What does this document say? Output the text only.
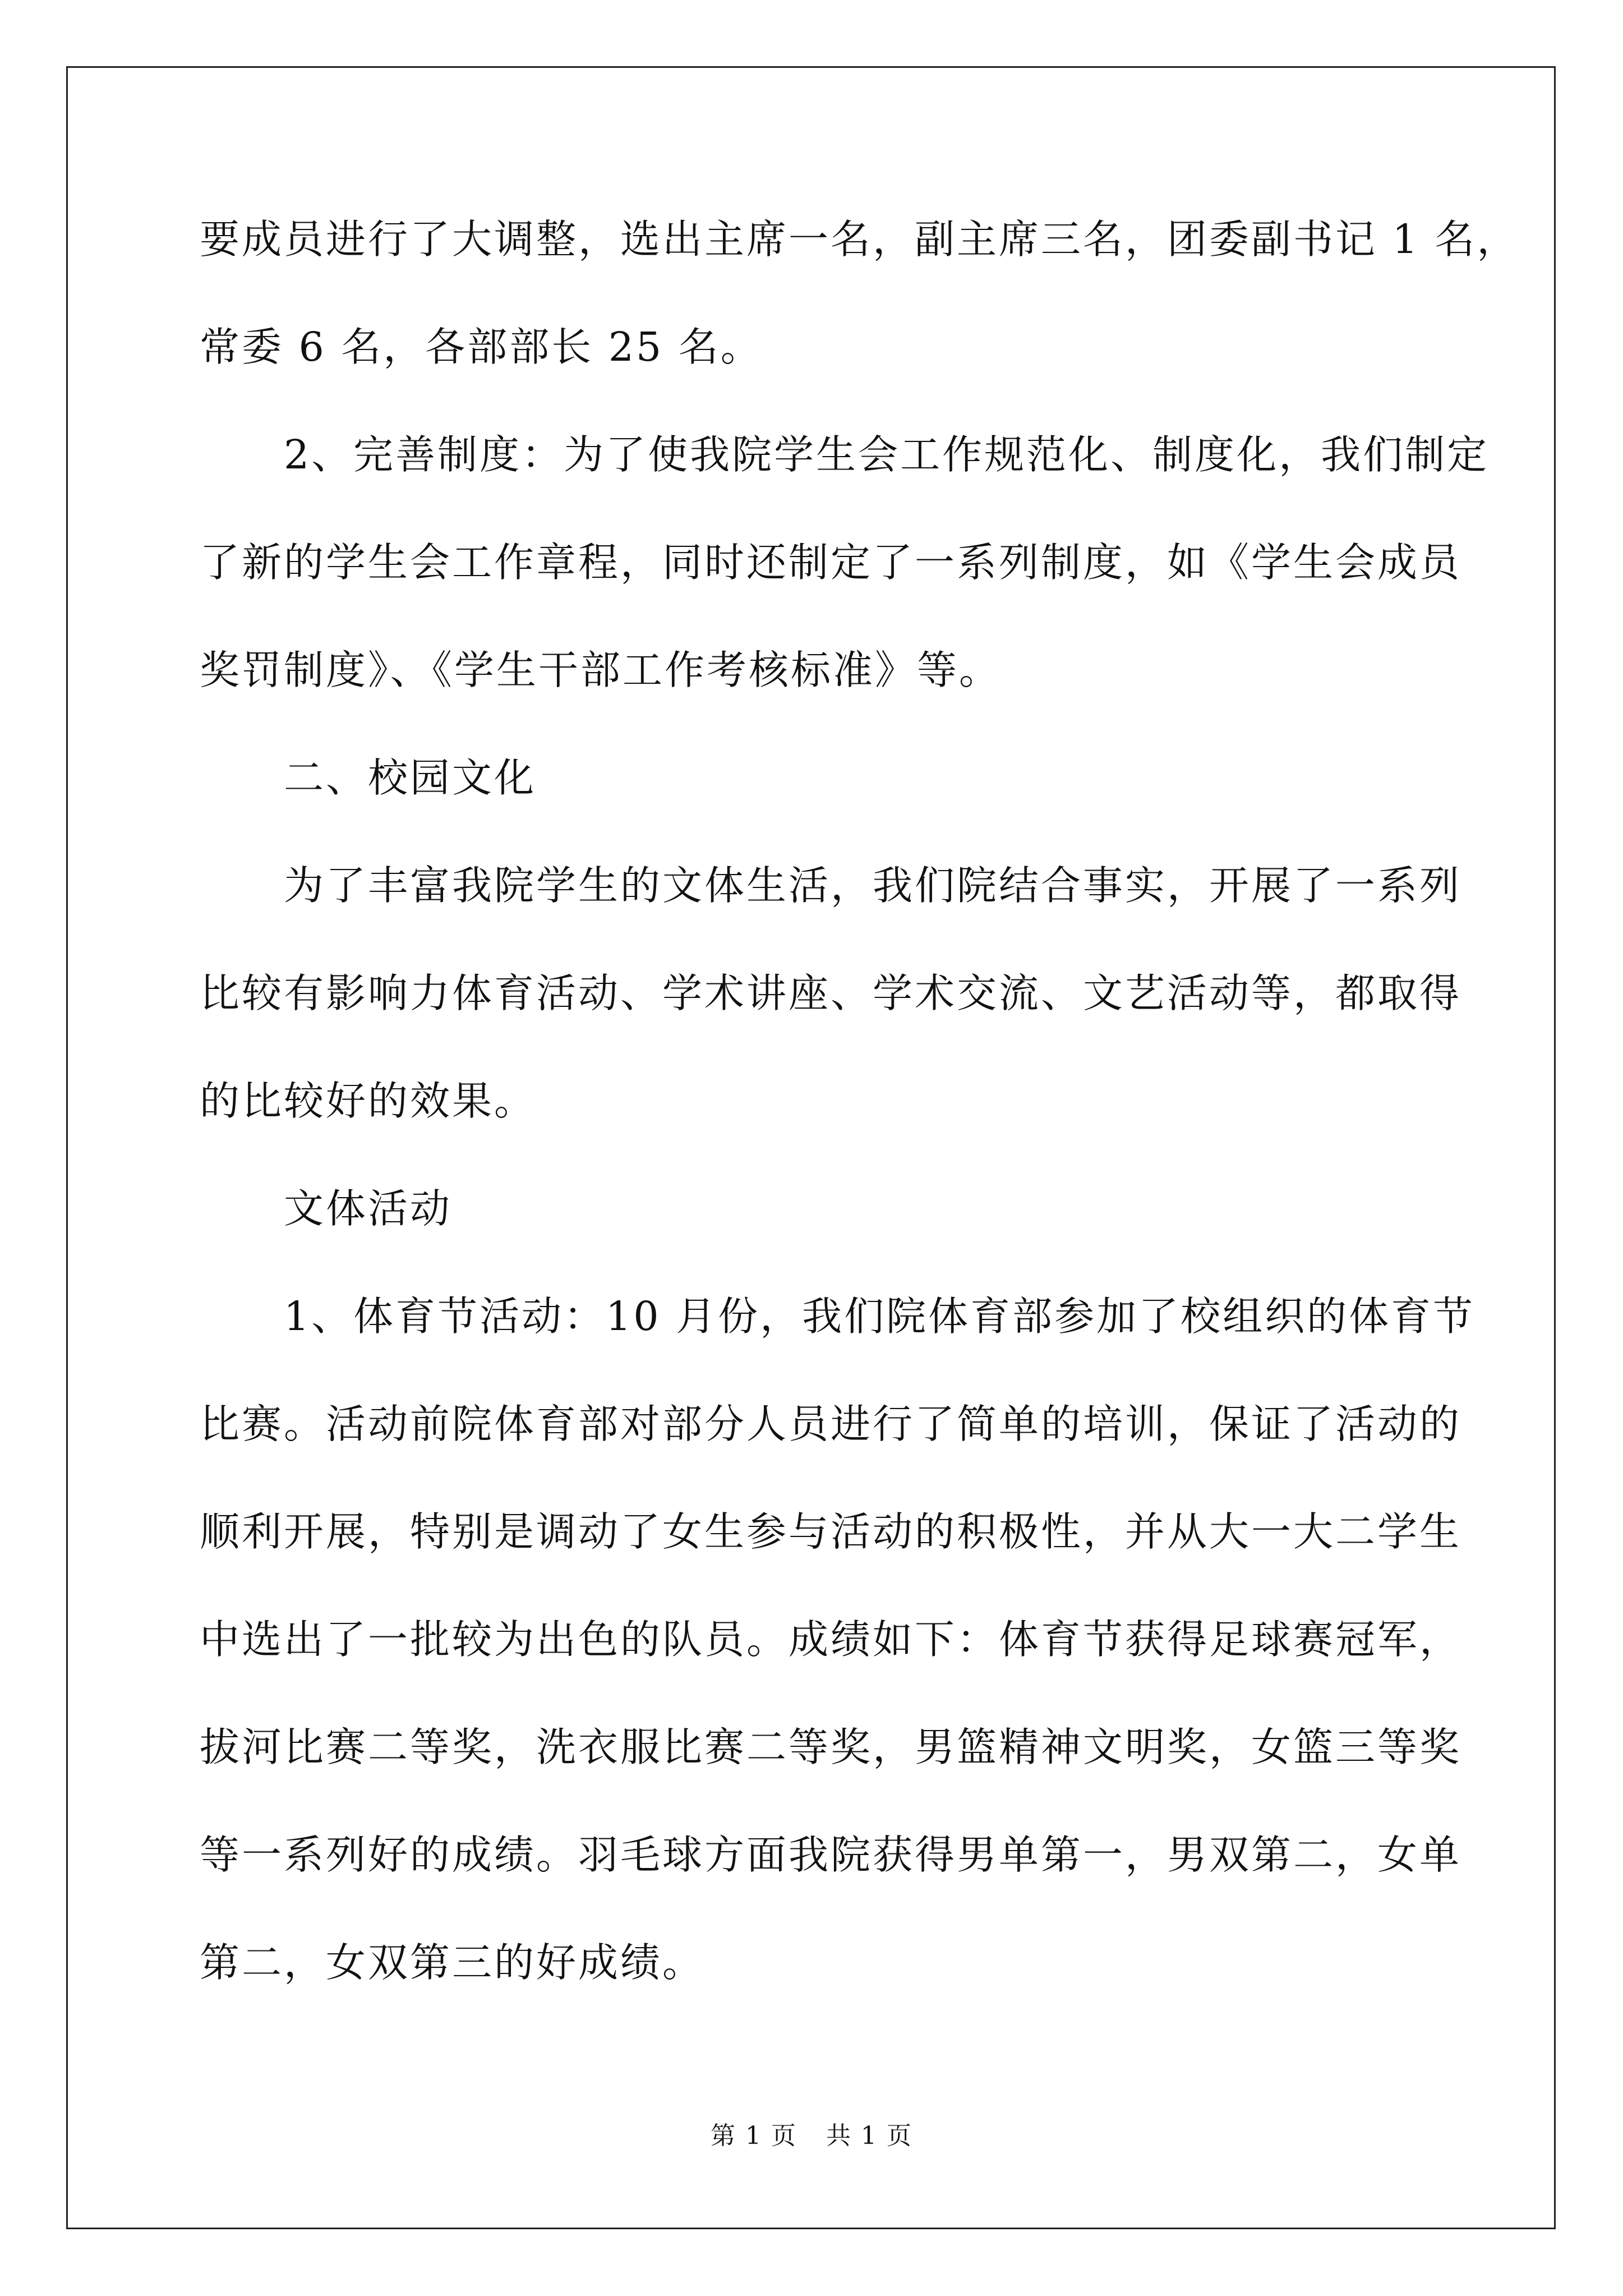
要成员进行了大调整，选出主席一名，副主席三名，团委副书记 1 名，
常委 6 名，各部部长 25 名。
　　2、完善制度：为了使我院学生会工作规范化、制度化，我们制定
了新的学生会工作章程，同时还制定了一系列制度，如《学生会成员
奖罚制度》、《学生干部工作考核标准》等。
　　二、校园文化
　　为了丰富我院学生的文体生活，我们院结合事实，开展了一系列
比较有影响力体育活动、学术讲座、学术交流、文艺活动等，都取得
的比较好的效果。
　　文体活动
　　1、体育节活动：10 月份，我们院体育部参加了校组织的体育节
比赛。活动前院体育部对部分人员进行了简单的培训，保证了活动的
顺利开展，特别是调动了女生参与活动的积极性，并从大一大二学生
中选出了一批较为出色的队员。成绩如下：体育节获得足球赛冠军，
拔河比赛二等奖，洗衣服比赛二等奖，男篮精神文明奖，女篮三等奖
等一系列好的成绩。羽毛球方面我院获得男单第一，男双第二，女单
第二，女双第三的好成绩。
第 1 页 共 1 页
